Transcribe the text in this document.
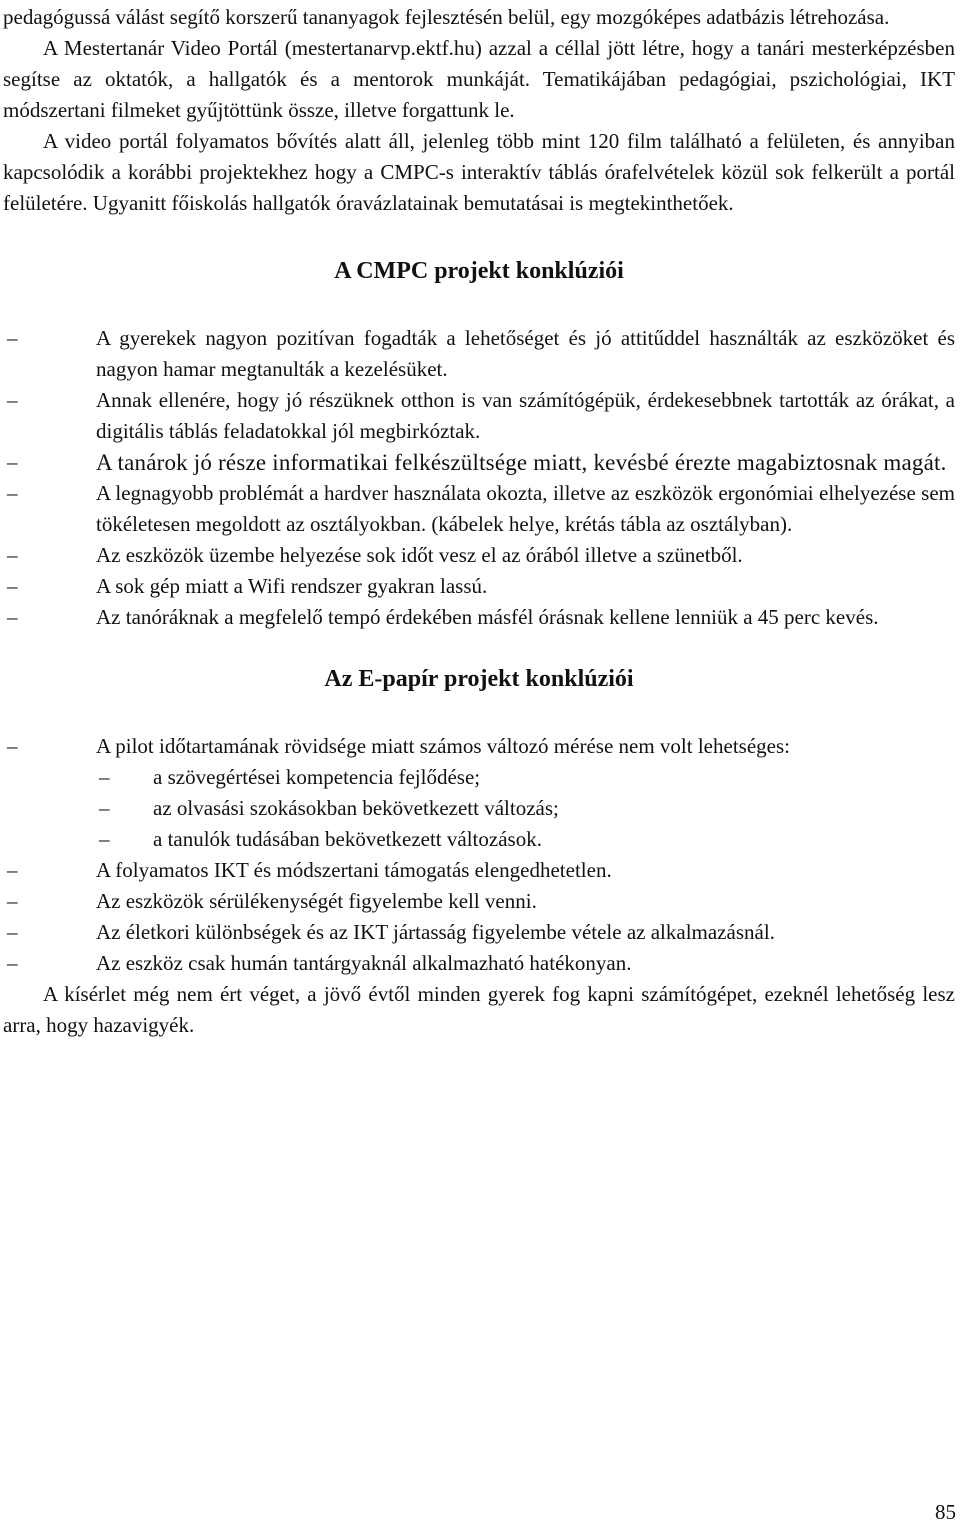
pedagógussá válást segítő korszerű tananyagok fejlesztésén belül, egy mozgóképes adatbázis létrehozása.

A Mestertanár Video Portál (mestertanarvp.ektf.hu) azzal a céllal jött létre, hogy a tanári mesterképzésben segítse az oktatók, a hallgatók és a mentorok munkáját. Tematikájában pedagógiai, pszichológiai, IKT módszertani filmeket gyűjtöttünk össze, illetve forgattunk le.

A video portál folyamatos bővítés alatt áll, jelenleg több mint 120 film található a felületen, és annyiban kapcsolódik a korábbi projektekhez hogy a CMPC-s interaktív táblás órafelvételek közül sok felkerült a portál felületére. Ugyanitt főiskolás hallgatók óravázlatainak bemutatásai is megtekinthetőek.

A CMPC projekt konklúziói
–	A gyerekek nagyon pozitívan fogadták a lehetőséget és jó attitűddel használták az eszközöket és nagyon hamar megtanulták a kezelésüket.
–	Annak ellenére, hogy jó részüknek otthon is van számítógépük, érdekesebbnek tartották az órákat, a digitális táblás feladatokkal jól megbirkóztak.
–	A tanárok jó része informatikai felkészültsége miatt, kevésbé érezte magabiztosnak magát.
–	A legnagyobb problémát a hardver használata okozta, illetve az eszközök ergonómiai elhelyezése sem tökéletesen megoldott az osztályokban. (kábelek helye, krétás tábla az osztályban).
–	Az eszközök üzembe helyezése sok időt vesz el az órából illetve a szünetből.
–	A sok gép miatt a Wifi rendszer gyakran lassú.
–	Az tanóráknak a megfelelő tempó érdekében másfél órásnak kellene lenniük a 45 perc kevés.
Az E-papír projekt konklúziói
–	A pilot időtartamának rövidsége miatt számos változó mérése nem volt lehetséges:
–	a szövegértései kompetencia fejlődése;
–	az olvasási szokásokban bekövetkezett változás;
–	a tanulók tudásában bekövetkezett változások.
–	A folyamatos IKT és módszertani támogatás elengedhetetlen.
–	Az eszközök sérülékenységét figyelembe kell venni.
–	Az életkori különbségek és az IKT jártasság figyelembe vétele az alkalmazásnál.
–	Az eszköz csak humán tantárgyaknál alkalmazható hatékonyan.

A kísérlet még nem ért véget, a jövő évtől minden gyerek fog kapni számítógépet, ezeknél lehetőség lesz arra, hogy hazavigyék.

85
